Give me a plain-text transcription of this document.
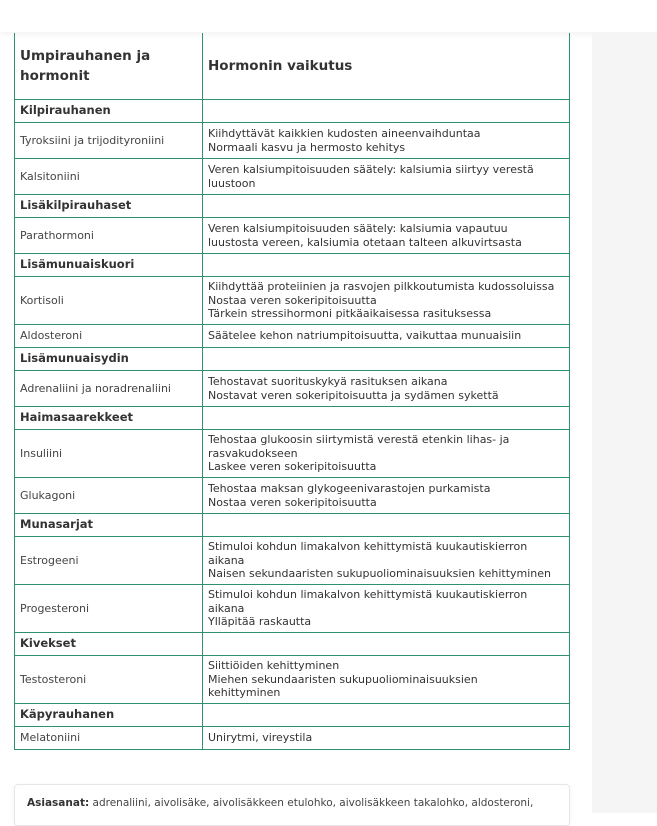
Umpirauhanen ja
hormonit	Hormonin vaikutus
Kilpirauhanen	
Tyroksiini ja trijodityroniini	Kiihdyttävät kaikkien kudosten aineenvaihduntaa
Normaali kasvu ja hermosto kehitys

Kalsitoniini	Veren kalsiumpitoisuuden säätely: kalsiumia siirtyy verestä
luustoon

Lisäkilpirauhaset	
Parathormoni	Veren kalsiumpitoisuuden säätely: kalsiumia vapautuu
luustosta vereen, kalsiumia otetaan talteen alkuvirtsasta

Lisämunuaiskuori	
Kortisoli	Kiihdyttää proteiinien ja rasvojen pilkkoutumista kudossoluissa
Nostaa veren sokeripitoisuutta
Tärkein stressihormoni pitkäaikaisessa rasituksessa

Aldosteroni	Säätelee kehon natriumpitoisuutta, vaikuttaa munuaisiin

Lisämunuaisydin	
Adrenaliini ja noradrenaliini	Tehostavat suorituskykyä rasituksen aikana
Nostavat veren sokeripitoisuutta ja sydämen sykettä

Haimasaarekkeet	
Insuliini	Tehostaa glukoosin siirtymistä verestä etenkin lihas- ja
rasvakudokseen
Laskee veren sokeripitoisuutta

Glukagoni	Tehostaa maksan glykogeenivarastojen purkamista
Nostaa veren sokeripitoisuutta

Munasarjat	
Estrogeeni	Stimuloi kohdun limakalvon kehittymistä kuukautiskierron
aikana
Naisen sekundaaristen sukupuoliominaisuuksien kehittyminen

Progesteroni	Stimuloi kohdun limakalvon kehittymistä kuukautiskierron
aikana
Ylläpitää raskautta

Kivekset	
Testosteroni	Siittiöiden kehittyminen
Miehen sekundaaristen sukupuoliominaisuuksien
kehittyminen

Käpyrauhanen	
Melatoniini	Unirytmi, vireystila
Asiasanat: adrenaliini, aivolisäke, aivolisäkkeen etulohko, aivolisäkkeen takalohko, aldosteroni,
